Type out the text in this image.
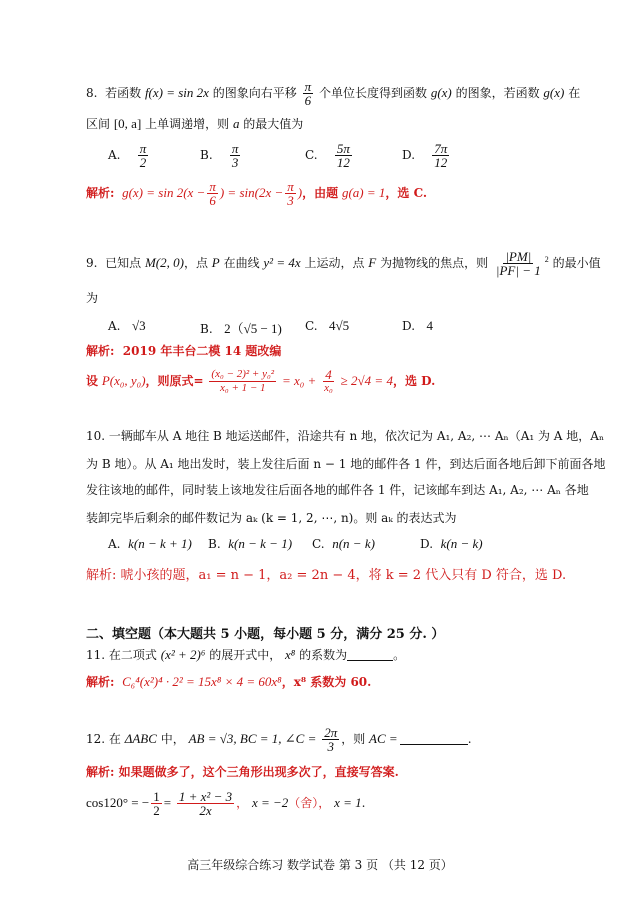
8. 若函数 f(x) = sin 2x 的图象向右平移 $\frac{\pi}{6}$ 个单位长度得到函数 g(x) 的图象，若函数 g(x) 在
区间 [0, a] 上单调递增，则 a 的最大值为
A. $\frac{\pi}{2}$	B. $\frac{\pi}{3}$	C. $\frac{5\pi}{12}$	D. $\frac{7\pi}{12}$
解析: $g(x) = \sin 2(x - \frac{\pi}{6}$ ) = $\sin(2x - \frac{\pi}{3}$ )，由题 g(a) = 1，选 C.
9. 已知点 M(2, 0)，点 P 在曲线 y² = 4x 上运动，点 F 为抛物线的焦点，则 $\frac{|PM|}{|PF| - 1} ^2$ 的最小值
为
A. √3	B. 2（√5 − 1) C. 4√5	D. 4
解析: 2019 年丰台二模 14 题改编
设 P(x₀, y₀)，则原式= $\frac{\text{(x₀ − 2)² + y₀²}}{\text{x₀ + 1 − 1}} = x_0 + \frac{4}{\text{x₀}} \ge 2√4 = 4$，选 D.
10. 一辆邮车从 A 地往 B 地运送邮件，沿途共有 n 地，依次记为 A₁, A₂, ⋯ Aₙ（A₁ 为 A 地，Aₙ
为 B 地）。从 A₁ 地出发时，装上发往后面 n − 1 地的邮件各 1 件，到达后面各地后卸下前面各地
发往该地的邮件，同时装上该地发往后面各地的邮件各 1 件，记该邮车到达 A₁, A₂, ⋯ Aₙ 各地
装卸完毕后剩余的邮件数记为 aₖ (k = 1, 2, ⋯, n)。则 aₖ 的表达式为
A. k(n − k + 1) B. k(n − k − 1) C. n(n − k)	D. k(n − k)
解析: 唬小孩的题，a₁ = n − 1，a₂ = 2n − 4，将 k = 2 代入只有 D 符合，选 D.
二、填空题（本大题共 5 小题，每小题 5 分，满分 25 分. ）
11. 在二项式 (x² + 2)⁶ 的展开式中， x⁸ 的系数为	。
解析: C₆⁴(x²)⁴ · 2² = 15x⁸ × 4 = 60x⁸，x⁸ 系数为 60.
12. 在 ΔABC 中， AB = √3, BC = 1, ∠C = $\frac{2\pi}{3}$ ，则 AC =	.
解析: 如果题做多了，这个三角形出现多次了，直接写答案.
cos120° = − $\frac{1}{2} = \frac{\text{1 + x² − 3}}{2x}$ ， x = −2（舍）， x = 1.
高三年级综合练习 数学试卷 第 3 页 （共 12 页）
